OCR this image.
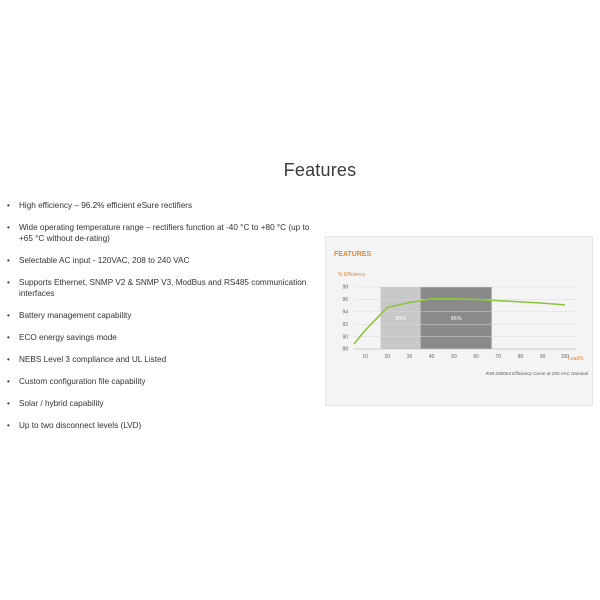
Features
• High efficiency – 96.2% efficient eSure rectifiers
• Wide operating temperature range – rectifiers function at -40 °C to +80 °C (up to +65 °C without de-rating)
• Selectable AC input - 120VAC, 208 to 240 VAC
• Supports Ethernet, SNMP V2 & SNMP V3, ModBus and RS485 communication interfaces
• Battery management capability
• ECO energy savings mode
• NEBS Level 3 compliance and UL Listed
• Custom configuration file capability
• Solar / hybrid capability
• Up to two disconnect levels (LVD)
FEATURES
% Efficiency
Load%
R48-2000e3 Efficiency Curve at 250 VAC Nominal
95%	96%
88
90
92
94
96
98
10	20	30	40	50	60	70	80	90	100
